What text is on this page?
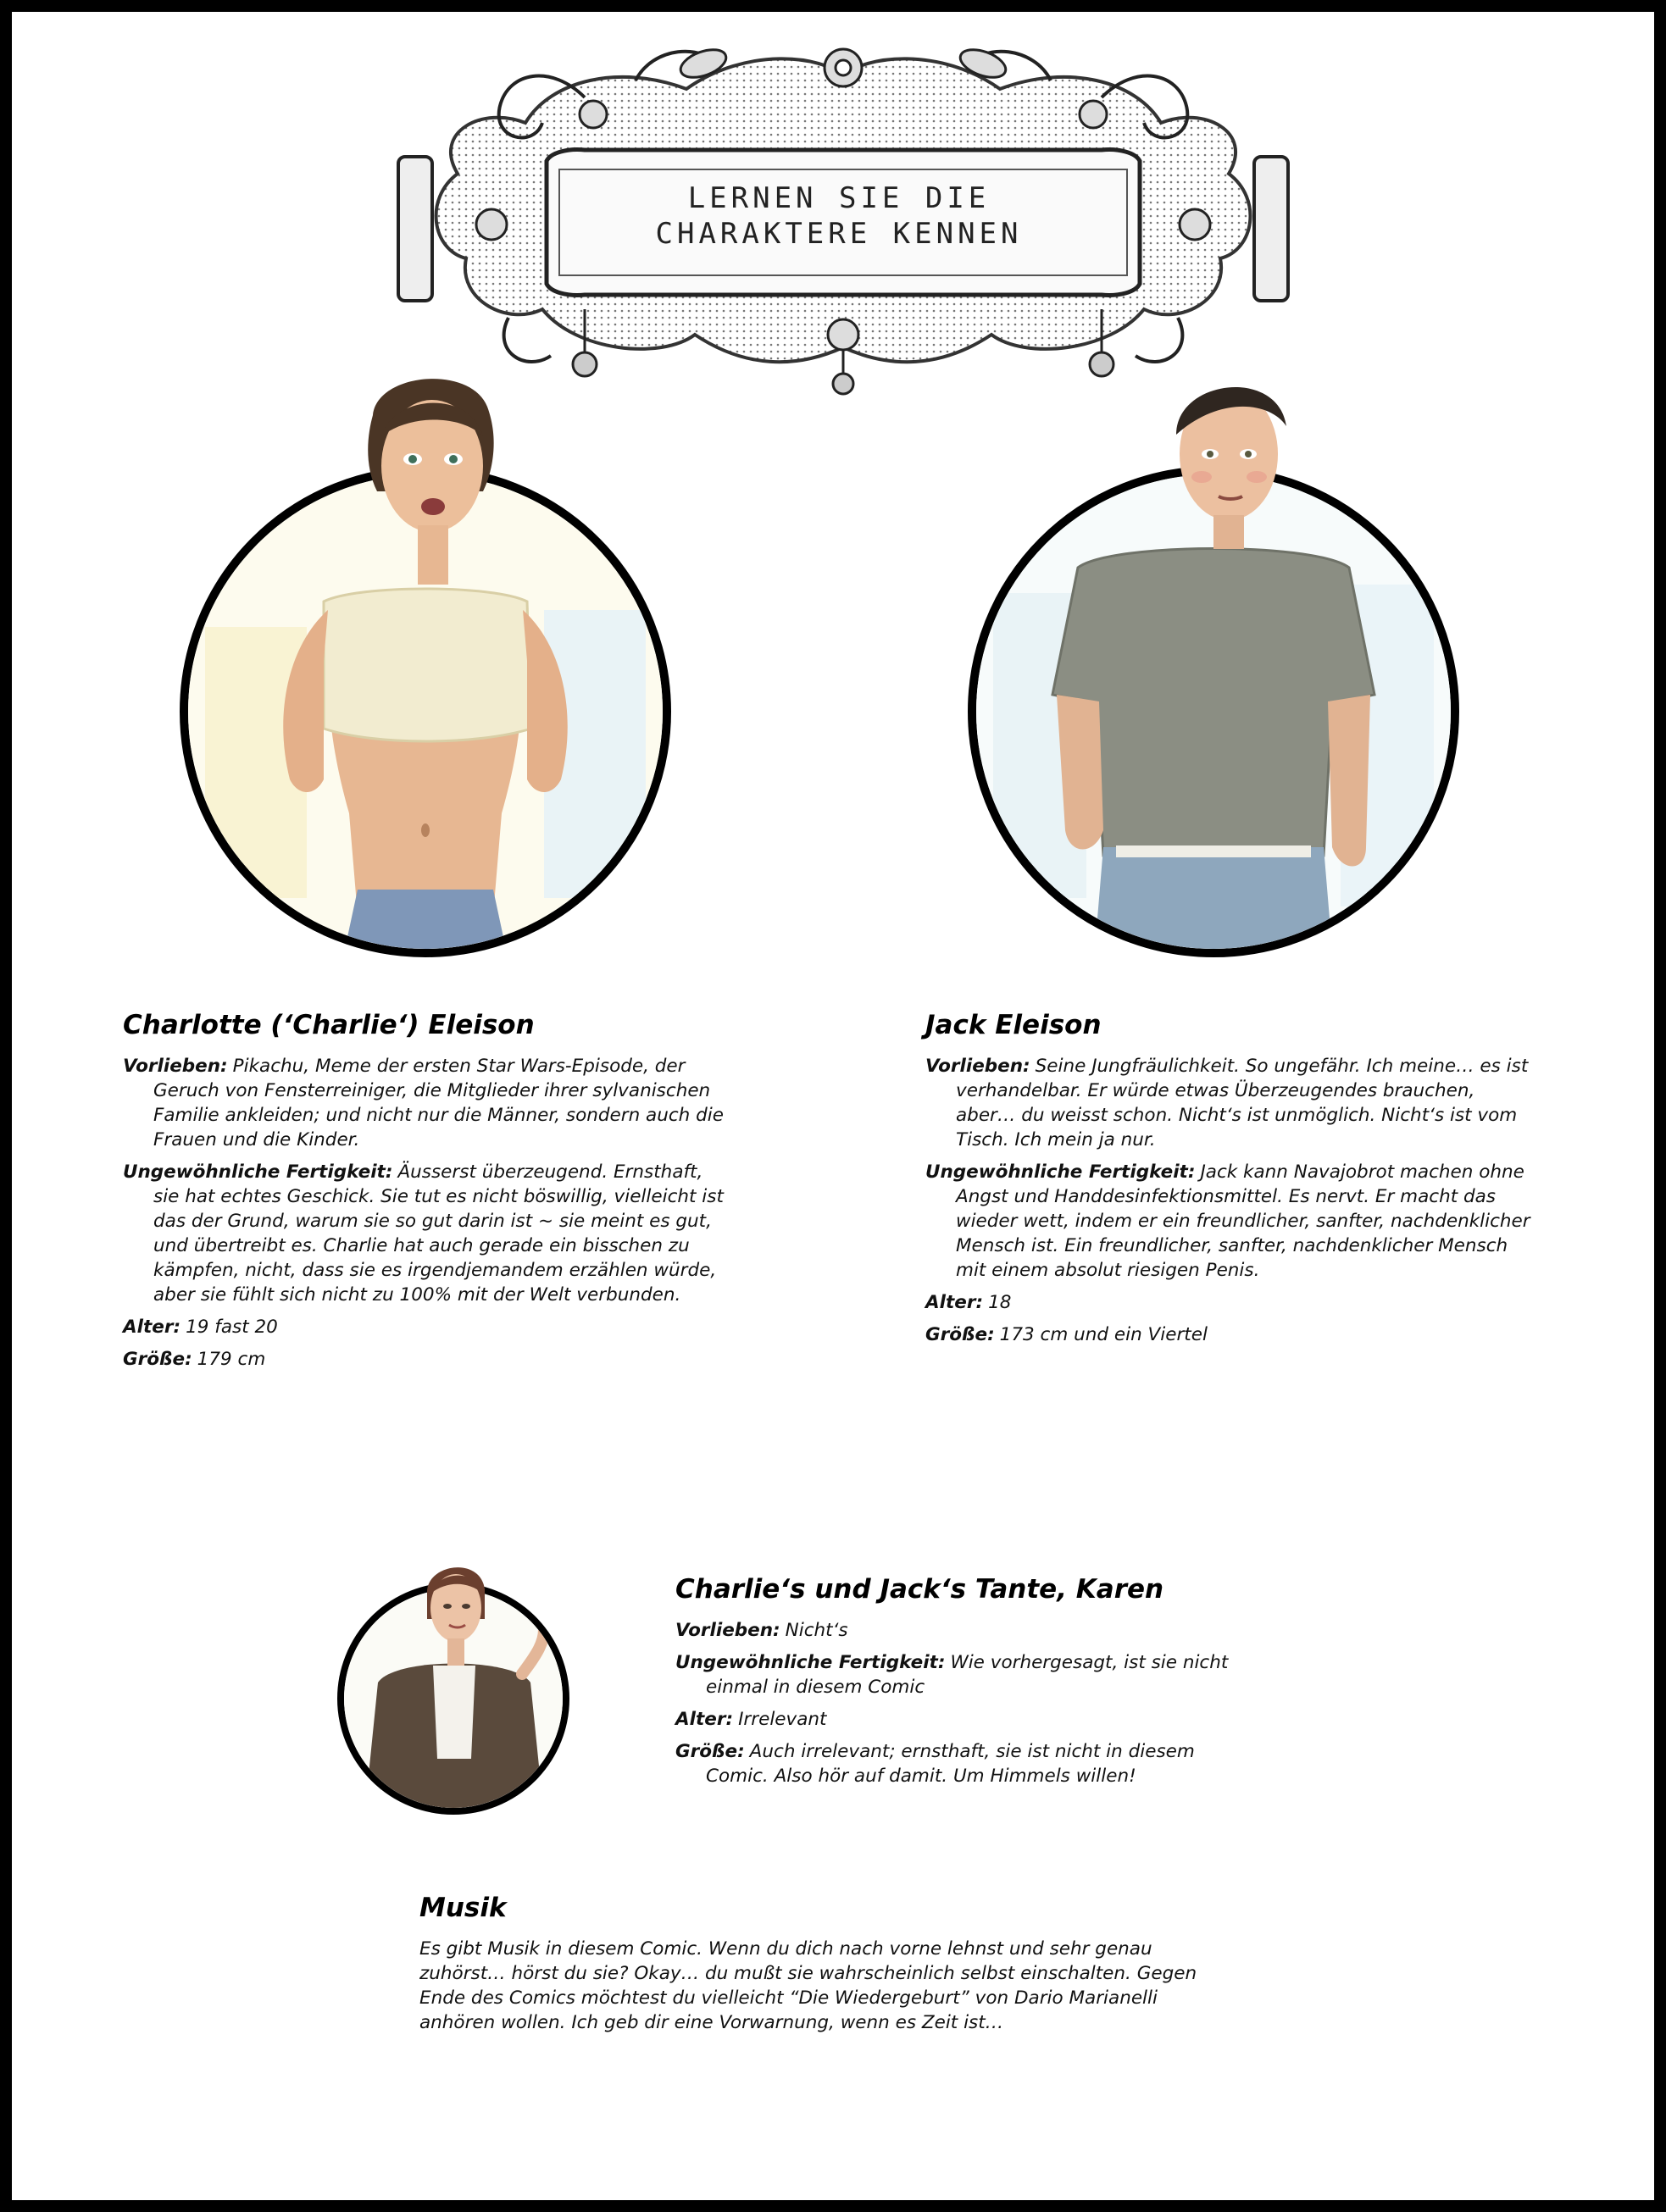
LERNEN SIE DIE
CHARAKTERE KENNEN
Charlotte (‘Charlie‘) Eleison
Vorlieben: Pikachu, Meme der ersten Star Wars-Episode, der Geruch von Fensterreiniger, die Mitglieder ihrer sylvanischen Familie ankleiden; und nicht nur die Männer, sondern auch die Frauen und die Kinder.
Ungewöhnliche Fertigkeit: Äusserst überzeugend. Ernsthaft, sie hat echtes Geschick. Sie tut es nicht böswillig, vielleicht ist das der Grund, warum sie so gut darin ist ~ sie meint es gut, und übertreibt es. Charlie hat auch gerade ein bisschen zu kämpfen, nicht, dass sie es irgendjemandem erzählen würde, aber sie fühlt sich nicht zu 100% mit der Welt verbunden.
Alter: 19 fast 20
Größe: 179 cm
Jack Eleison
Vorlieben: Seine Jungfräulichkeit. So ungefähr. Ich meine… es ist verhandelbar. Er würde etwas Überzeugendes brauchen, aber… du weisst schon. Nicht‘s ist unmöglich. Nicht‘s ist vom Tisch. Ich mein ja nur.
Ungewöhnliche Fertigkeit: Jack kann Navajobrot machen ohne Angst und Handdesinfektionsmittel. Es nervt. Er macht das wieder wett, indem er ein freundlicher, sanfter, nachdenklicher Mensch ist. Ein freundlicher, sanfter, nachdenklicher Mensch mit einem absolut riesigen Penis.
Alter: 18
Größe: 173 cm und ein Viertel
Charlie‘s und Jack‘s Tante, Karen
Vorlieben: Nicht‘s
Ungewöhnliche Fertigkeit: Wie vorhergesagt, ist sie nicht einmal in diesem Comic
Alter: Irrelevant
Größe: Auch irrelevant; ernsthaft, sie ist nicht in diesem Comic. Also hör auf damit. Um Himmels willen!
Musik
Es gibt Musik in diesem Comic. Wenn du dich nach vorne lehnst und sehr genau zuhörst… hörst du sie? Okay… du mußt sie wahrscheinlich selbst einschalten. Gegen Ende des Comics möchtest du vielleicht “Die Wiedergeburt” von Dario Marianelli anhören wollen. Ich geb dir eine Vorwarnung, wenn es Zeit ist…
